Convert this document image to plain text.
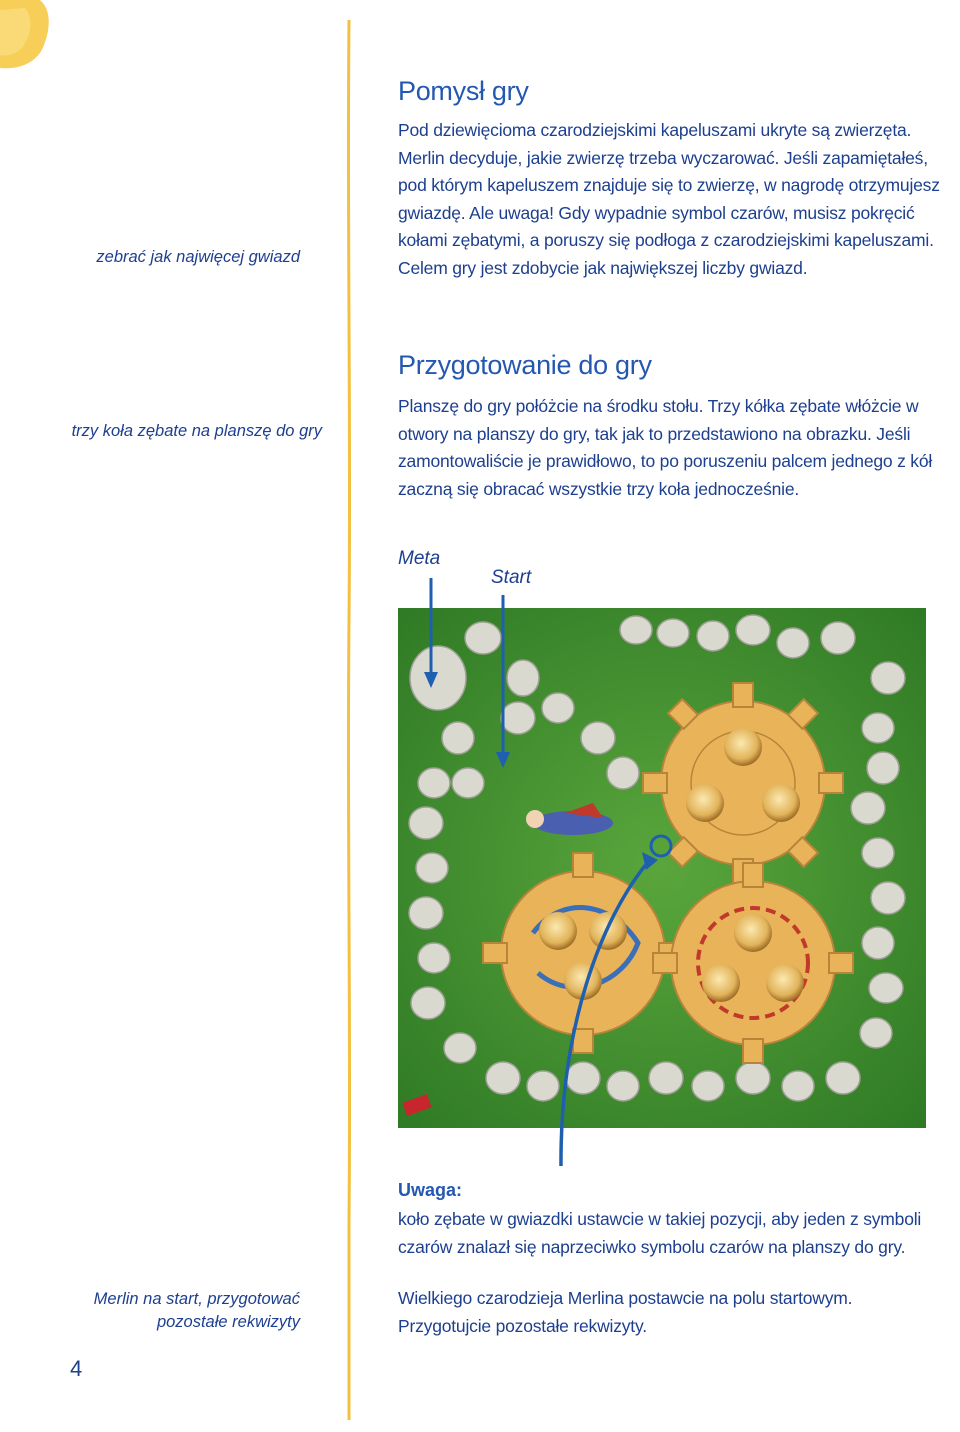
zebrać jak najwięcej gwiazd
trzy koła zębate na planszę do gry
Merlin na start, przygotować
pozostałe rekwizyty
Pomysł gry
Pod dziewięcioma czarodziejskimi kapeluszami ukryte są zwierzęta. Merlin decyduje, jakie zwierzę trzeba wyczarować. Jeśli zapamiętałeś, pod którym kapeluszem znajduje się to zwierzę, w nagrodę otrzymujesz gwiazdę. Ale uwaga! Gdy wypadnie symbol czarów, musisz pokręcić kołami zębatymi, a poruszy się podłoga z czarodziejskimi kapeluszami. Celem gry jest zdobycie jak największej liczby gwiazd.
Przygotowanie do gry
Planszę do gry połóżcie na środku stołu. Trzy kółka zębate włóżcie w otwory na planszy do gry, tak jak to przedstawiono na obrazku. Jeśli zamontowaliście je prawidłowo, to po poruszeniu palcem jednego z kół zaczną się obracać wszystkie trzy koła jednocześnie.
Meta
Start
Uwaga:
koło zębate w gwiazdki ustawcie w takiej pozycji, aby jeden z symboli czarów znalazł się naprzeciwko symbolu czarów na planszy do gry.
Wielkiego czarodzieja Merlina postawcie na polu startowym. Przygotujcie pozostałe rekwizyty.
4
